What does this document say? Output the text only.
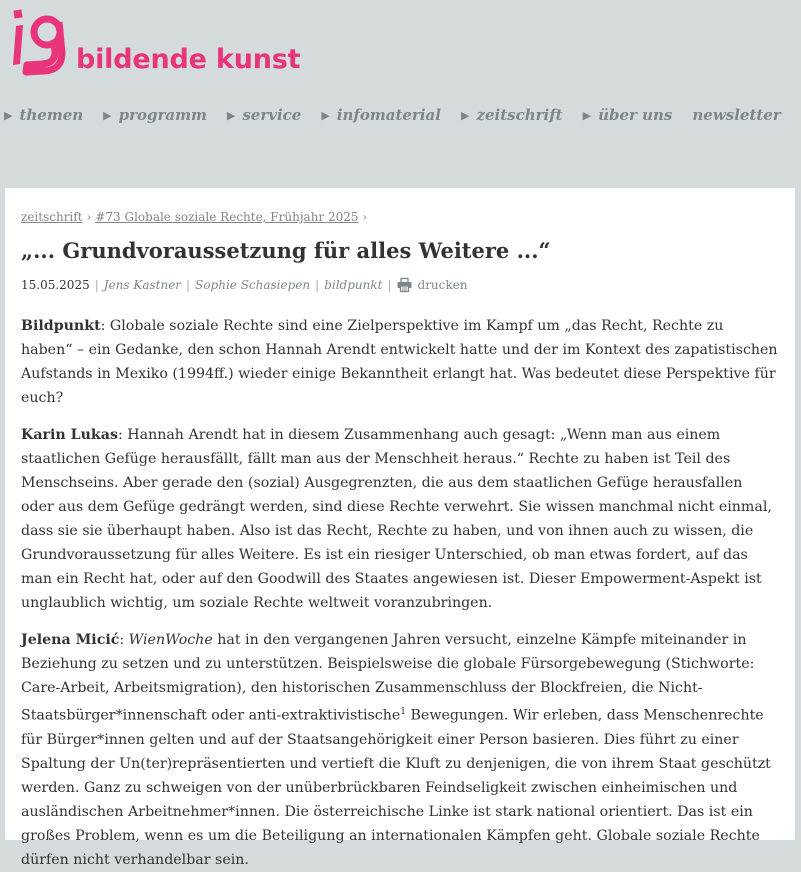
bildende kunst
▶ themen ▶ programm ▶ service ▶ infomaterial ▶ zeitschrift ▶ über uns newsletter
zeitschrift › #73 Globale soziale Rechte, Frühjahr 2025 ›
„... Grundvoraussetzung für alles Weitere ...“
15.05.2025 | Jens Kastner | Sophie Schasiepen | bildpunkt | drucken

Bildpunkt: Globale soziale Rechte sind eine Zielperspektive im Kampf um „das Recht, Rechte zu haben“ – ein Gedanke, den schon Hannah Arendt entwickelt hatte und der im Kontext des zapatistischen Aufstands in Mexiko (1994ff.) wieder einige Bekanntheit erlangt hat. Was bedeutet diese Perspektive für euch?

Karin Lukas: Hannah Arendt hat in diesem Zusammenhang auch gesagt: „Wenn man aus einem staatlichen Gefüge herausfällt, fällt man aus der Menschheit heraus.“ Rechte zu haben ist Teil des Menschseins. Aber gerade den (sozial) Ausgegrenzten, die aus dem staatlichen Gefüge herausfallen oder aus dem Gefüge gedrängt werden, sind diese Rechte verwehrt. Sie wissen manchmal nicht einmal, dass sie sie überhaupt haben. Also ist das Recht, Rechte zu haben, und von ihnen auch zu wissen, die Grundvoraussetzung für alles Weitere. Es ist ein riesiger Unterschied, ob man etwas fordert, auf das man ein Recht hat, oder auf den Goodwill des Staates angewiesen ist. Dieser Empowerment-Aspekt ist unglaublich wichtig, um soziale Rechte weltweit voranzubringen.

Jelena Micić: WienWoche hat in den vergangenen Jahren versucht, einzelne Kämpfe miteinander in Beziehung zu setzen und zu unterstützen. Beispielsweise die globale Fürsorgebewegung (Stichworte: Care-Arbeit, Arbeitsmigration), den historischen Zusammenschluss der Blockfreien, die Nicht-Staatsbürger*innenschaft oder anti-extraktivistische$^1$ Bewegungen. Wir erleben, dass Menschenrechte für Bürger*innen gelten und auf der Staatsangehörigkeit einer Person basieren. Dies führt zu einer Spaltung der Un(ter)repräsentierten und vertieft die Kluft zu denjenigen, die von ihrem Staat geschützt werden. Ganz zu schweigen von der unüberbrückbaren Feindseligkeit zwischen einheimischen und ausländischen Arbeitnehmer*innen. Die österreichische Linke ist stark national orientiert. Das ist ein großes Problem, wenn es um die Beteiligung an internationalen Kämpfen geht. Globale soziale Rechte dürfen nicht verhandelbar sein.
